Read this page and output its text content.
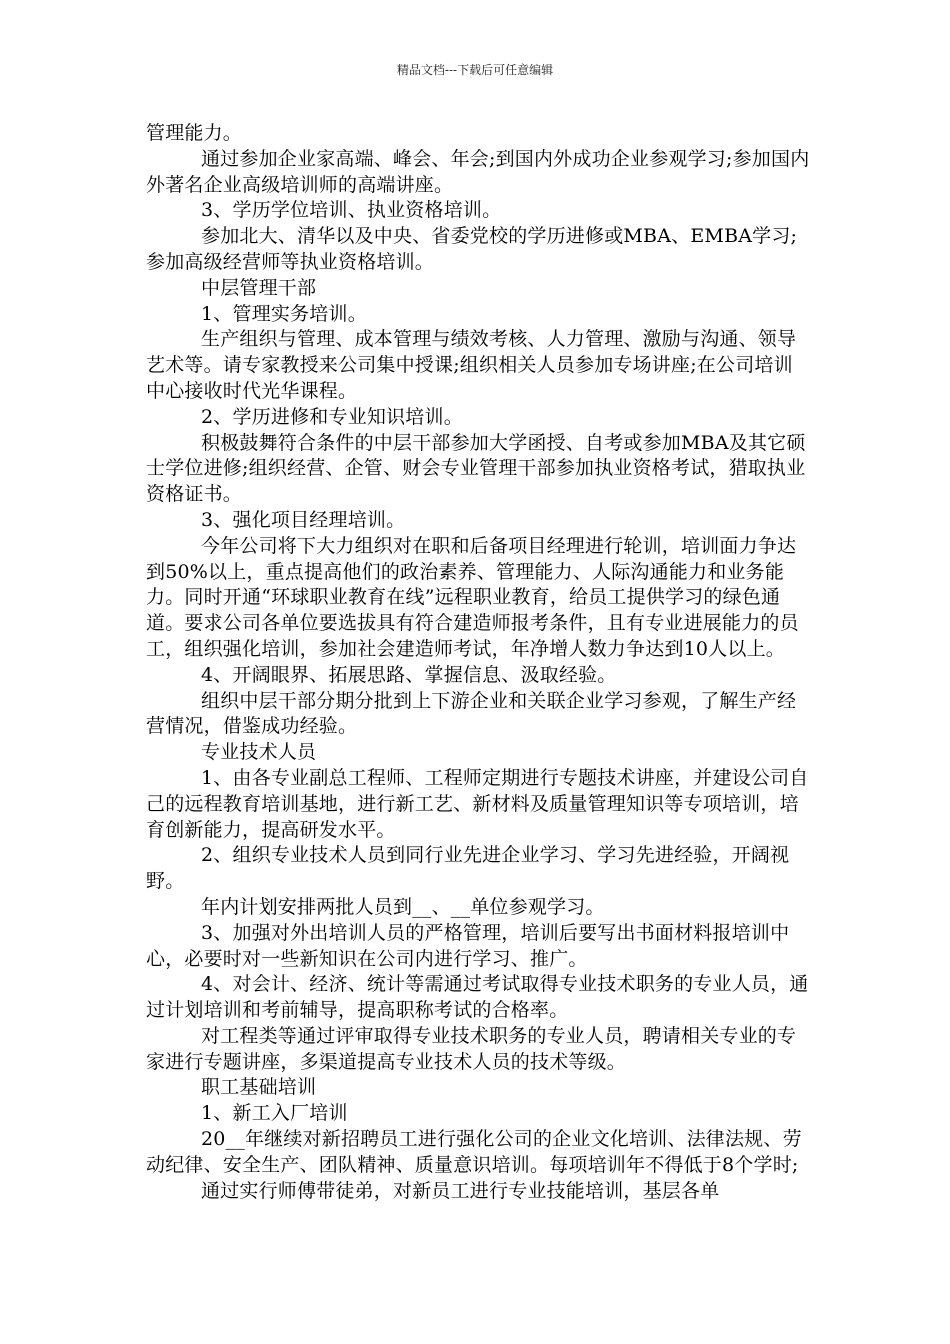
精品文档---下载后可任意编辑

管理能力。

通过参加企业家高端、峰会、年会;到国内外成功企业参观学习;参加国内外著名企业高级培训师的高端讲座。

3、学历学位培训、执业资格培训。

参加北大、清华以及中央、省委党校的学历进修或MBA、EMBA学习;参加高级经营师等执业资格培训。

中层管理干部

1、管理实务培训。

生产组织与管理、成本管理与绩效考核、人力管理、激励与沟通、领导艺术等。请专家教授来公司集中授课;组织相关人员参加专场讲座;在公司培训中心接收时代光华课程。

2、学历进修和专业知识培训。

积极鼓舞符合条件的中层干部参加大学函授、自考或参加MBA及其它硕士学位进修;组织经营、企管、财会专业管理干部参加执业资格考试，猎取执业资格证书。

3、强化项目经理培训。

今年公司将下大力组织对在职和后备项目经理进行轮训，培训面力争达到50%以上，重点提高他们的政治素养、管理能力、人际沟通能力和业务能力。同时开通“环球职业教育在线”远程职业教育，给员工提供学习的绿色通道。要求公司各单位要选拔具有符合建造师报考条件，且有专业进展能力的员工，组织强化培训，参加社会建造师考试，年净增人数力争达到10人以上。

4、开阔眼界、拓展思路、掌握信息、汲取经验。

组织中层干部分期分批到上下游企业和关联企业学习参观，了解生产经营情况，借鉴成功经验。

专业技术人员

1、由各专业副总工程师、工程师定期进行专题技术讲座，并建设公司自己的远程教育培训基地，进行新工艺、新材料及质量管理知识等专项培训，培育创新能力，提高研发水平。

2、组织专业技术人员到同行业先进企业学习、学习先进经验，开阔视野。

年内计划安排两批人员到__、__单位参观学习。

3、加强对外出培训人员的严格管理，培训后要写出书面材料报培训中心，必要时对一些新知识在公司内进行学习、推广。

4、对会计、经济、统计等需通过考试取得专业技术职务的专业人员，通过计划培训和考前辅导，提高职称考试的合格率。

对工程类等通过评审取得专业技术职务的专业人员，聘请相关专业的专家进行专题讲座，多渠道提高专业技术人员的技术等级。

职工基础培训

1、新工入厂培训

20__年继续对新招聘员工进行强化公司的企业文化培训、法律法规、劳动纪律、安全生产、团队精神、质量意识培训。每项培训年不得低于8个学时;

通过实行师傅带徒弟，对新员工进行专业技能培训，基层各单
